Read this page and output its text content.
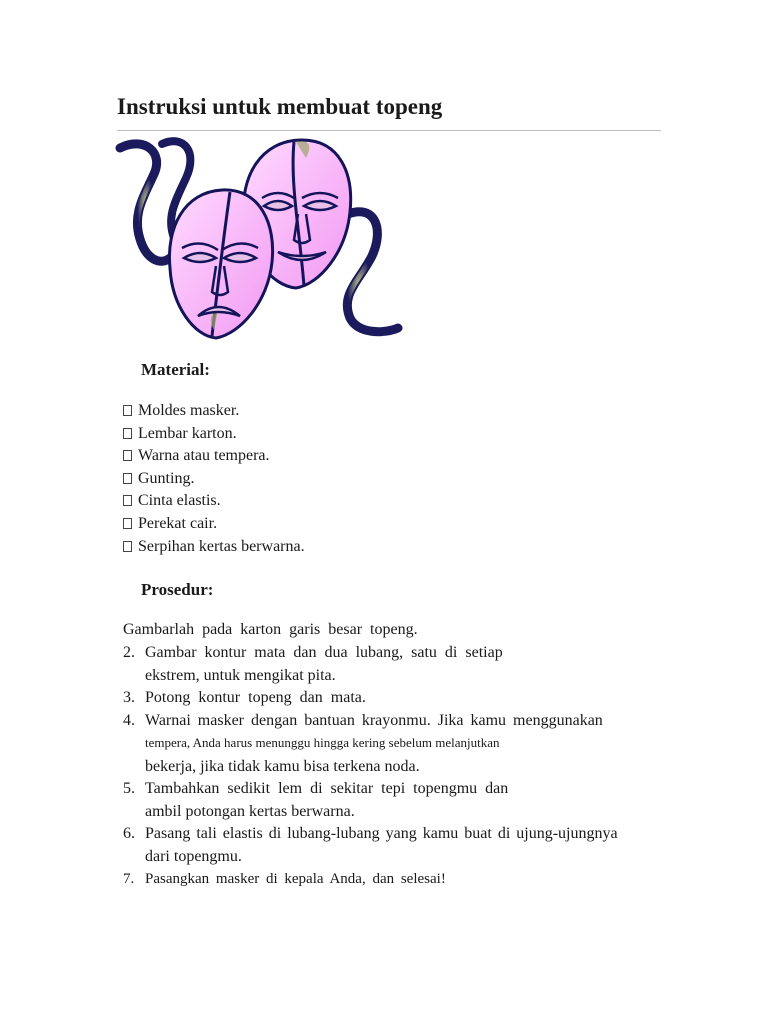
Instruksi untuk membuat topeng
Material:
Moldes masker.
Lembar karton.
Warna atau tempera.
Gunting.
Cinta elastis.
Perekat cair.
Serpihan kertas berwarna.
Prosedur:
Gambarlah pada karton garis besar topeng.
2. Gambar kontur mata dan dua lubang, satu di setiap
ekstrem, untuk mengikat pita.
3. Potong kontur topeng dan mata.
4. Warnai masker dengan bantuan krayonmu. Jika kamu menggunakan
tempera, Anda harus menunggu hingga kering sebelum melanjutkan
bekerja, jika tidak kamu bisa terkena noda.
5. Tambahkan sedikit lem di sekitar tepi topengmu dan
ambil potongan kertas berwarna.
6. Pasang tali elastis di lubang-lubang yang kamu buat di ujung-ujungnya
dari topengmu.
7. Pasangkan masker di kepala Anda, dan selesai!
